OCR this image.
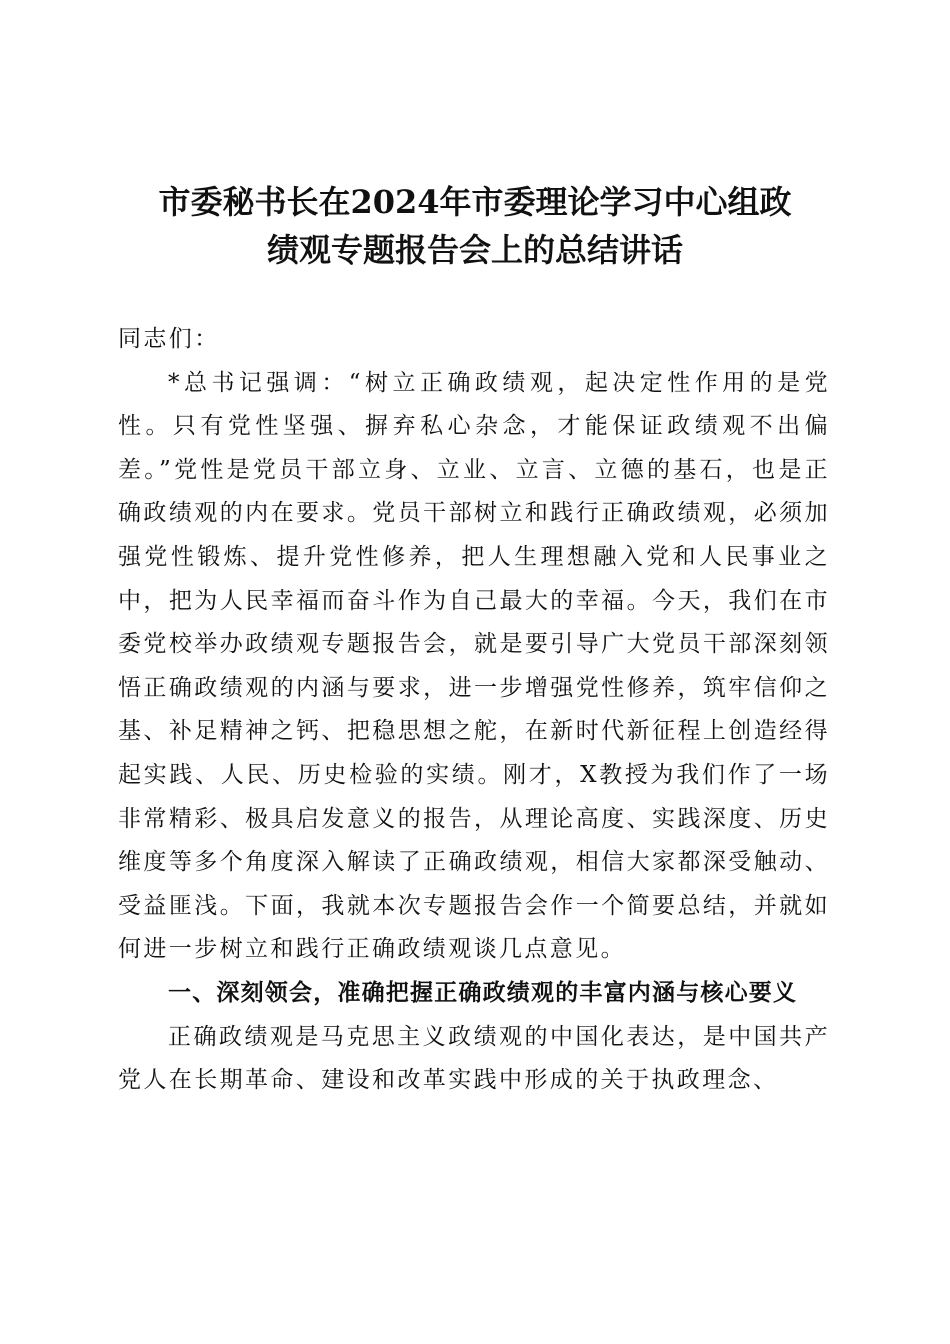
市委秘书长在2024年市委理论学习中心组政
绩观专题报告会上的总结讲话

同志们：

*总书记强调：“树立正确政绩观，起决定性作用的是党性。只有党性坚强、摒弃私心杂念，才能保证政绩观不出偏差。”党性是党员干部立身、立业、立言、立德的基石，也是正确政绩观的内在要求。党员干部树立和践行正确政绩观，必须加强党性锻炼、提升党性修养，把人生理想融入党和人民事业之中，把为人民幸福而奋斗作为自己最大的幸福。今天，我们在市委党校举办政绩观专题报告会，就是要引导广大党员干部深刻领悟正确政绩观的内涵与要求，进一步增强党性修养，筑牢信仰之基、补足精神之钙、把稳思想之舵，在新时代新征程上创造经得起实践、人民、历史检验的实绩。刚才，X教授为我们作了一场非常精彩、极具启发意义的报告，从理论高度、实践深度、历史维度等多个角度深入解读了正确政绩观，相信大家都深受触动、受益匪浅。下面，我就本次专题报告会作一个简要总结，并就如何进一步树立和践行正确政绩观谈几点意见。

一、深刻领会，准确把握正确政绩观的丰富内涵与核心要义

正确政绩观是马克思主义政绩观的中国化表达，是中国共产党人在长期革命、建设和改革实践中形成的关于执政理念、
